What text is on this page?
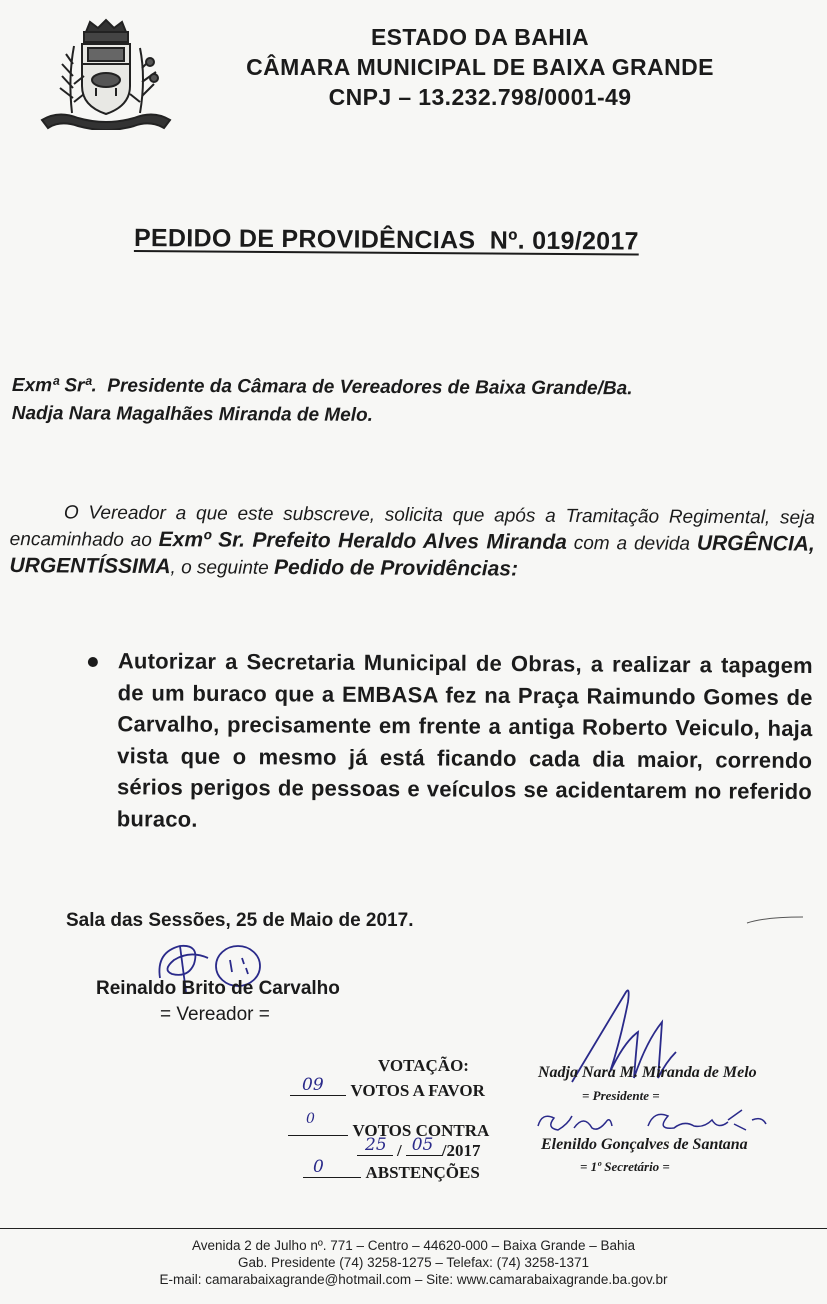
ESTADO DA BAHIA
CÂMARA MUNICIPAL DE BAIXA GRANDE
CNPJ – 13.232.798/0001-49
PEDIDO DE PROVIDÊNCIAS  Nº. 019/2017
Exmª Srª.  Presidente da Câmara de Vereadores de Baixa Grande/Ba.
Nadja Nara Magalhães Miranda de Melo.
O Vereador a que este subscreve, solicita que após a Tramitação Regimental, seja encaminhado ao Exmº Sr. Prefeito Heraldo Alves Miranda com a devida URGÊNCIA, URGENTÍSSIMA, o seguinte Pedido de Providências:
Autorizar a Secretaria Municipal de Obras, a realizar a tapagem de um buraco que a EMBASA fez na Praça Raimundo Gomes de Carvalho, precisamente em frente a antiga Roberto Veiculo, haja vista que o mesmo já está ficando cada dia maior, correndo sérios perigos de pessoas e veículos se acidentarem no referido buraco.
Sala das Sessões, 25 de Maio de 2017.
Reinaldo Brito de Carvalho
= Vereador =
VOTAÇÃO:
09 VOTOS A FAVOR
0
VOTOS CONTRA
25 / 05 /2017
0 ABSTENÇÕES
Nadja Nara M. Miranda de Melo
= Presidente =
Elenildo Gonçalves de Santana
= 1º Secretário =
Avenida 2 de Julho nº. 771 – Centro – 44620-000 – Baixa Grande – Bahia
Gab. Presidente (74) 3258-1275 – Telefax: (74) 3258-1371
E-mail: camarabaixagrande@hotmail.com – Site: www.camarabaixagrande.ba.gov.br
